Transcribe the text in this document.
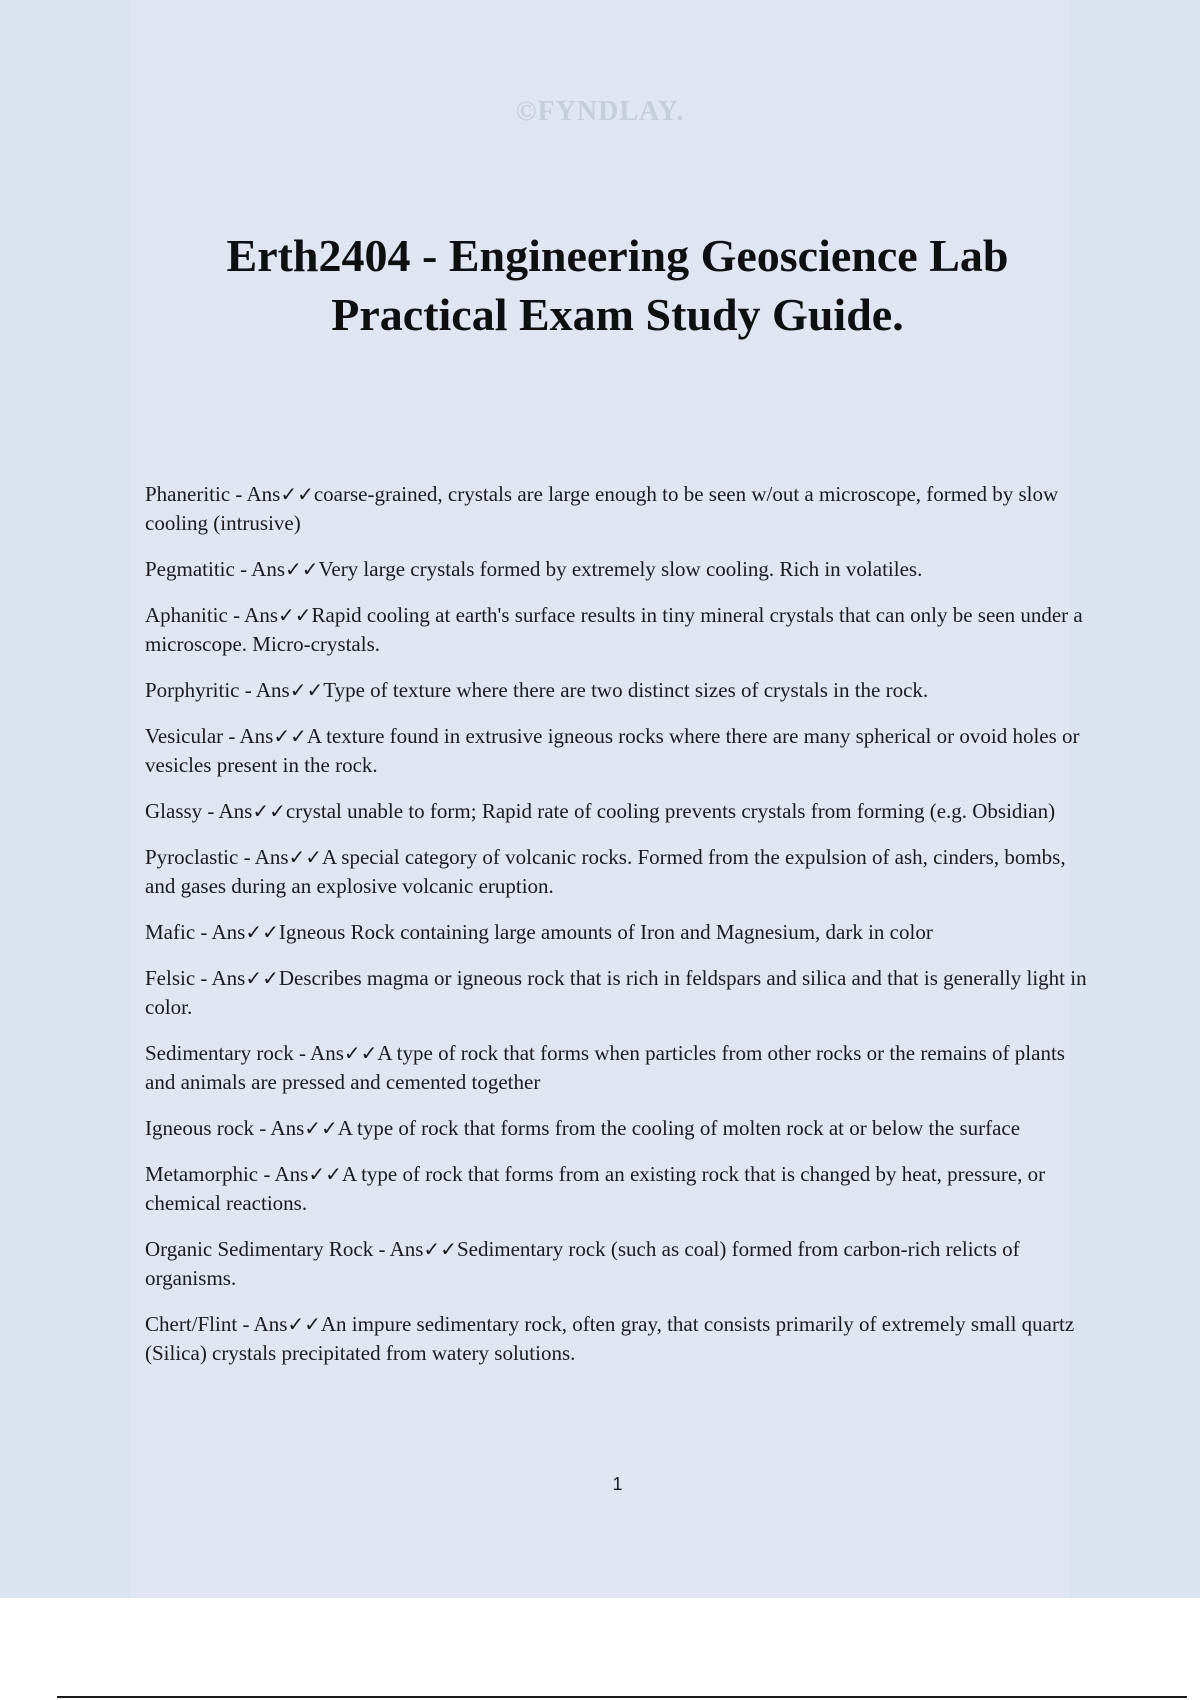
©FYNDLAY.
Erth2404 - Engineering Geoscience Lab
Practical Exam Study Guide.

Phaneritic - Ans✓✓coarse-grained, crystals are large enough to be seen w/out a microscope, formed by slow cooling (intrusive)

Pegmatitic - Ans✓✓Very large crystals formed by extremely slow cooling. Rich in volatiles.

Aphanitic - Ans✓✓Rapid cooling at earth's surface results in tiny mineral crystals that can only be seen under a microscope. Micro-crystals.

Porphyritic - Ans✓✓Type of texture where there are two distinct sizes of crystals in the rock.

Vesicular - Ans✓✓A texture found in extrusive igneous rocks where there are many spherical or ovoid holes or vesicles present in the rock.

Glassy - Ans✓✓crystal unable to form; Rapid rate of cooling prevents crystals from forming (e.g. Obsidian)

Pyroclastic - Ans✓✓A special category of volcanic rocks. Formed from the expulsion of ash, cinders, bombs, and gases during an explosive volcanic eruption.

Mafic - Ans✓✓Igneous Rock containing large amounts of Iron and Magnesium, dark in color

Felsic - Ans✓✓Describes magma or igneous rock that is rich in feldspars and silica and that is generally light in color.

Sedimentary rock - Ans✓✓A type of rock that forms when particles from other rocks or the remains of plants and animals are pressed and cemented together

Igneous rock - Ans✓✓A type of rock that forms from the cooling of molten rock at or below the surface

Metamorphic - Ans✓✓A type of rock that forms from an existing rock that is changed by heat, pressure, or chemical reactions.

Organic Sedimentary Rock - Ans✓✓Sedimentary rock (such as coal) formed from carbon-rich relicts of organisms.

Chert/Flint - Ans✓✓An impure sedimentary rock, often gray, that consists primarily of extremely small quartz (Silica) crystals precipitated from watery solutions.

1
